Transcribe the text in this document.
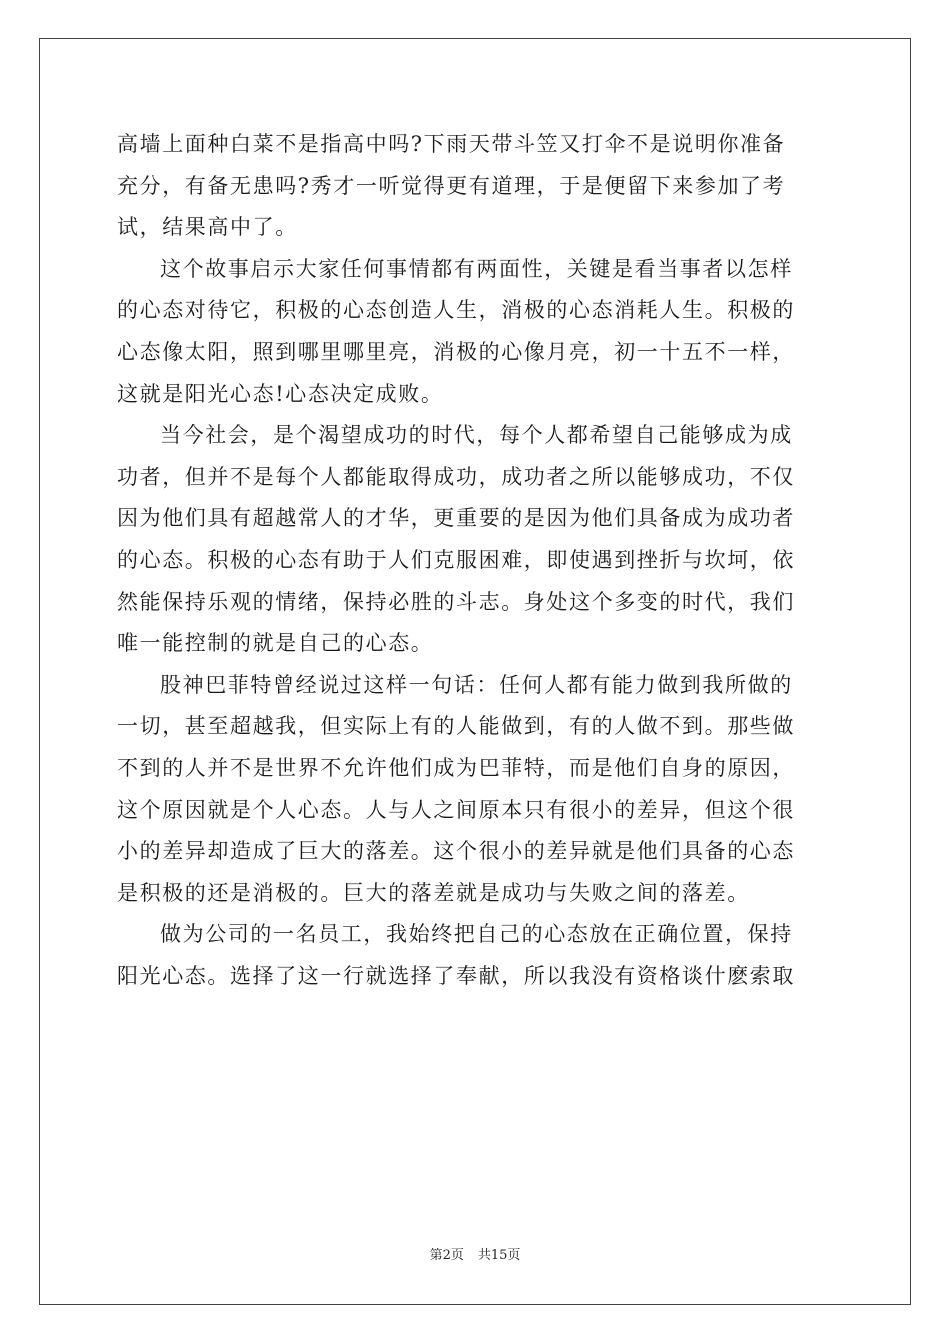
高墙上面种白菜不是指高中吗?下雨天带斗笠又打伞不是说明你准备
充分，有备无患吗?秀才一听觉得更有道理，于是便留下来参加了考
试，结果高中了。

这个故事启示大家任何事情都有两面性，关键是看当事者以怎样
的心态对待它，积极的心态创造人生，消极的心态消耗人生。积极的
心态像太阳，照到哪里哪里亮，消极的心像月亮，初一十五不一样，
这就是阳光心态!心态决定成败。

当今社会，是个渴望成功的时代，每个人都希望自己能够成为成
功者，但并不是每个人都能取得成功，成功者之所以能够成功，不仅
因为他们具有超越常人的才华，更重要的是因为他们具备成为成功者
的心态。积极的心态有助于人们克服困难，即使遇到挫折与坎坷，依
然能保持乐观的情绪，保持必胜的斗志。身处这个多变的时代，我们
唯一能控制的就是自己的心态。

股神巴菲特曾经说过这样一句话：任何人都有能力做到我所做的
一切，甚至超越我，但实际上有的人能做到，有的人做不到。那些做
不到的人并不是世界不允许他们成为巴菲特，而是他们自身的原因，
这个原因就是个人心态。人与人之间原本只有很小的差异，但这个很
小的差异却造成了巨大的落差。这个很小的差异就是他们具备的心态
是积极的还是消极的。巨大的落差就是成功与失败之间的落差。

做为公司的一名员工，我始终把自己的心态放在正确位置，保持
阳光心态。选择了这一行就选择了奉献，所以我没有资格谈什麽索取

第2页 共15页
